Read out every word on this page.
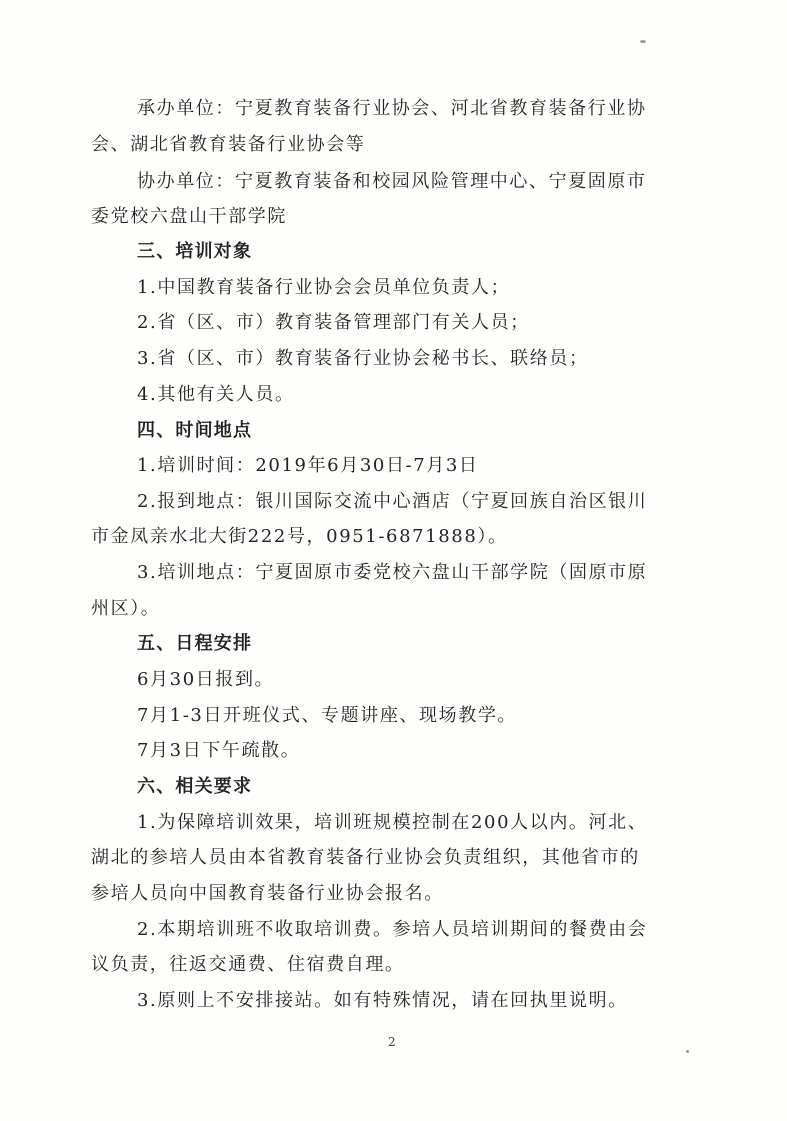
承办单位：宁夏教育装备行业协会、河北省教育装备行业协
会、湖北省教育装备行业协会等
协办单位：宁夏教育装备和校园风险管理中心、宁夏固原市
委党校六盘山干部学院
三、培训对象
1.中国教育装备行业协会会员单位负责人；
2.省（区、市）教育装备管理部门有关人员；
3.省（区、市）教育装备行业协会秘书长、联络员；
4.其他有关人员。
四、时间地点
1.培训时间：2019年6月30日-7月3日
2.报到地点：银川国际交流中心酒店（宁夏回族自治区银川
市金凤亲水北大街222号，0951-6871888）。
3.培训地点：宁夏固原市委党校六盘山干部学院（固原市原
州区）。
五、日程安排
6月30日报到。
7月1-3日开班仪式、专题讲座、现场教学。
7月3日下午疏散。
六、相关要求
1.为保障培训效果，培训班规模控制在200人以内。河北、
湖北的参培人员由本省教育装备行业协会负责组织，其他省市的
参培人员向中国教育装备行业协会报名。
2.本期培训班不收取培训费。参培人员培训期间的餐费由会
议负责，往返交通费、住宿费自理。
3.原则上不安排接站。如有特殊情况，请在回执里说明。
2
